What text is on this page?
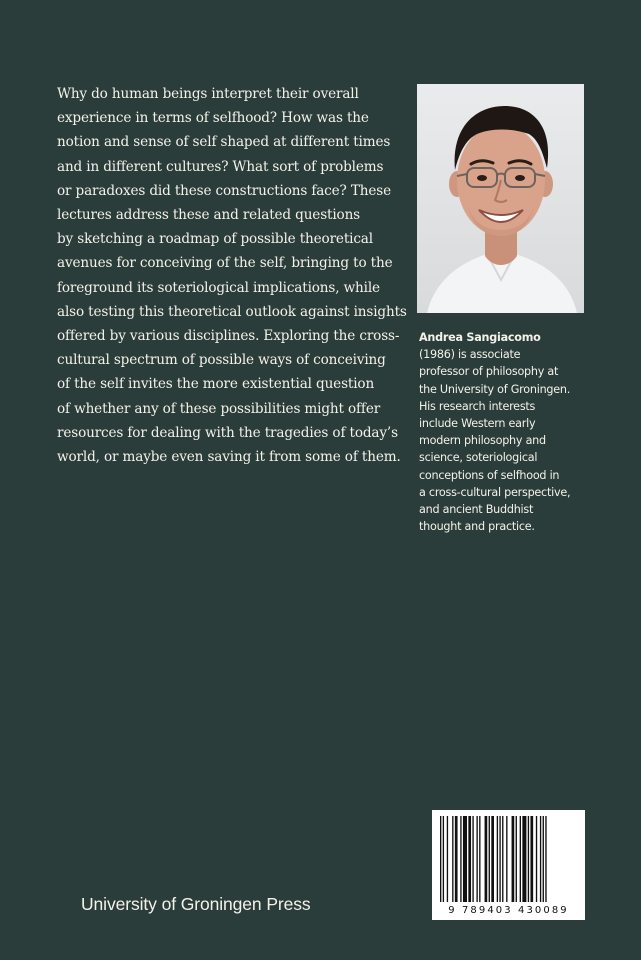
Why do human beings interpret their overall
experience in terms of selfhood? How was the
notion and sense of self shaped at different times
and in different cultures? What sort of problems
or paradoxes did these constructions face? These
lectures address these and related questions
by sketching a roadmap of possible theoretical
avenues for conceiving of the self, bringing to the
foreground its soteriological implications, while
also testing this theoretical outlook against insights
offered by various disciplines. Exploring the cross-
cultural spectrum of possible ways of conceiving
of the self invites the more existential question
of whether any of these possibilities might offer
resources for dealing with the tragedies of today’s
world, or maybe even saving it from some of them.
Andrea Sangiacomo
(1986) is associate
professor of philosophy at
the University of Groningen.
His research interests
include Western early
modern philosophy and
science, soteriological
conceptions of selfhood in
a cross-cultural perspective,
and ancient Buddhist
thought and practice.
9 789403 430089
University of Groningen Press
